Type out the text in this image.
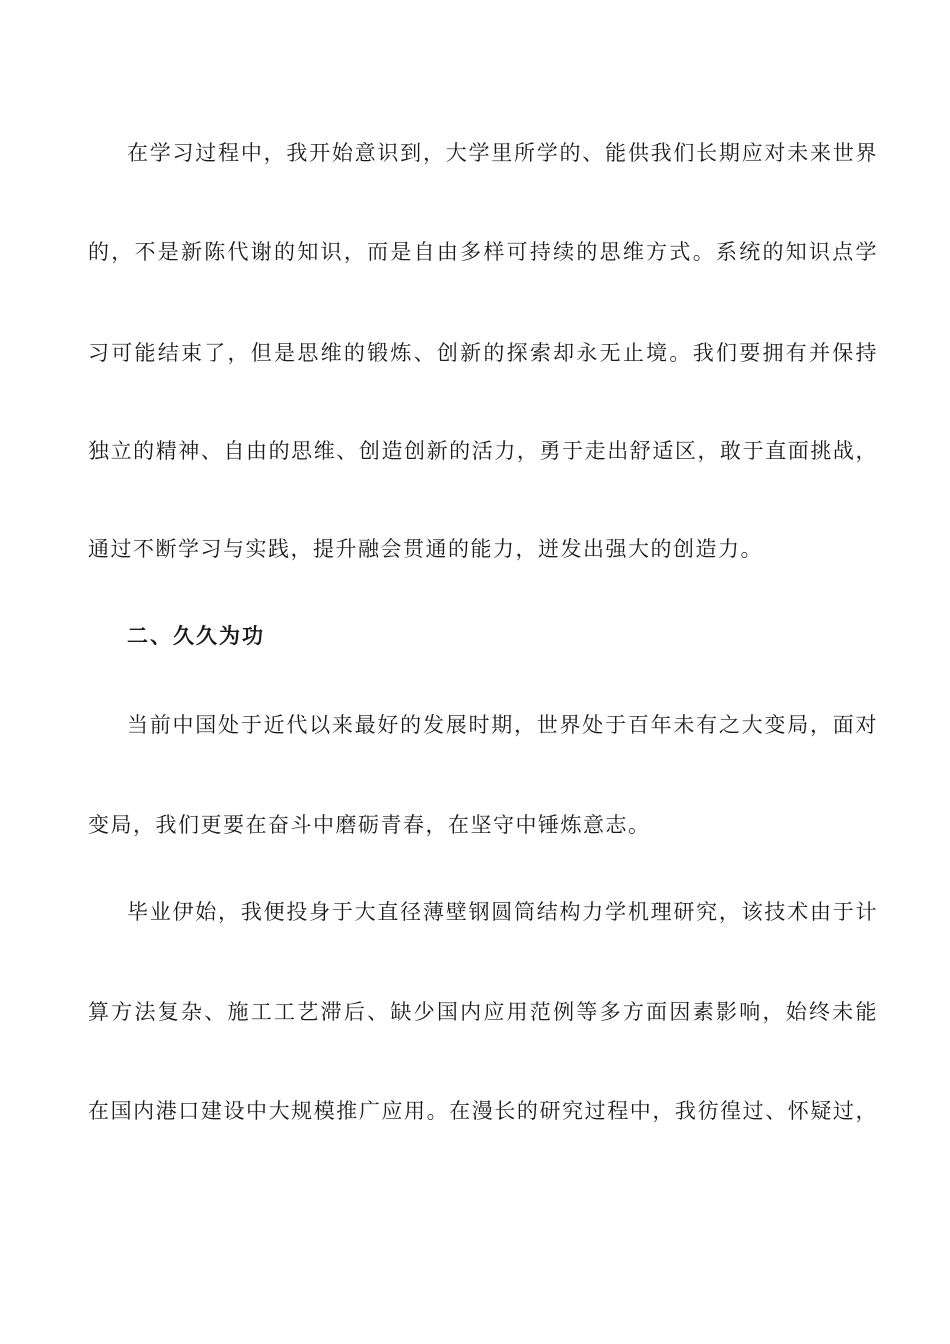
在学习过程中，我开始意识到，大学里所学的、能供我们长期应对未来世界
的，不是新陈代谢的知识，而是自由多样可持续的思维方式。系统的知识点学
习可能结束了，但是思维的锻炼、创新的探索却永无止境。我们要拥有并保持
独立的精神、自由的思维、创造创新的活力，勇于走出舒适区，敢于直面挑战，
通过不断学习与实践，提升融会贯通的能力，迸发出强大的创造力。
二、久久为功
当前中国处于近代以来最好的发展时期，世界处于百年未有之大变局，面对
变局，我们更要在奋斗中磨砺青春，在坚守中锤炼意志。
毕业伊始，我便投身于大直径薄壁钢圆筒结构力学机理研究，该技术由于计
算方法复杂、施工工艺滞后、缺少国内应用范例等多方面因素影响，始终未能
在国内港口建设中大规模推广应用。在漫长的研究过程中，我彷徨过、怀疑过，
